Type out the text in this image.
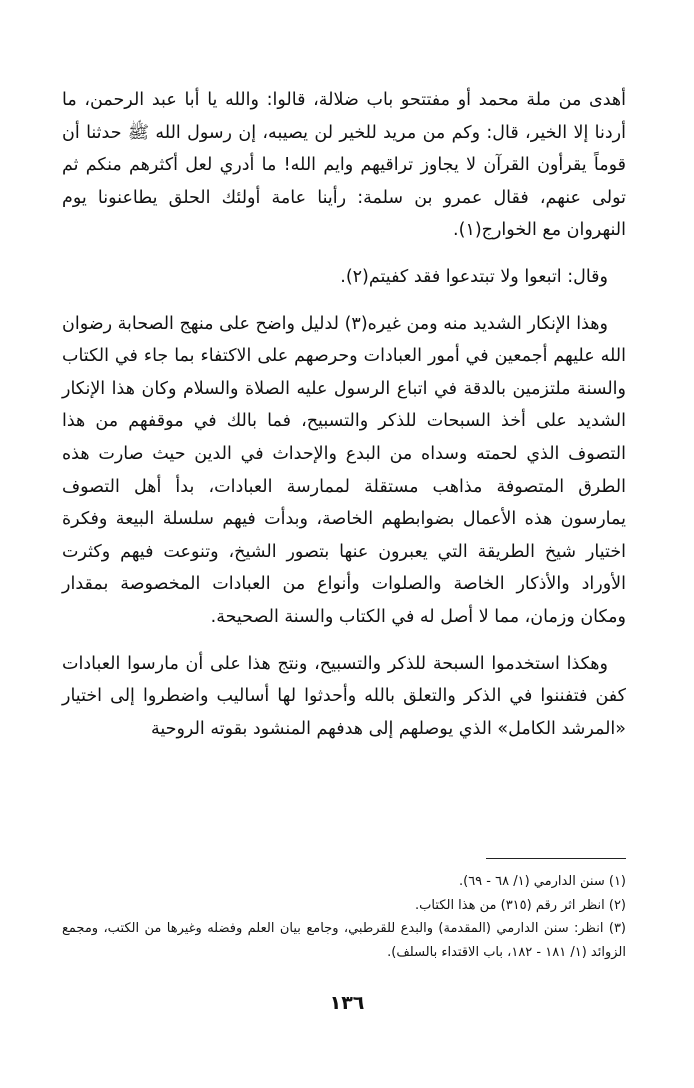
أهدى من ملة محمد أو مفتتحو باب ضلالة، قالوا: والله يا أبا عبد الرحمن، ما أردنا إلا الخير، قال: وكم من مريد للخير لن يصيبه، إن رسول الله ﷺ حدثنا أن قوماً يقرأون القرآن لا يجاوز تراقيهم وايم الله! ما أدري لعل أكثرهم منكم ثم تولى عنهم، فقال عمرو بن سلمة: رأينا عامة أولئك الحلق يطاعنونا يوم النهروان مع الخوارج(١).

وقال: اتبعوا ولا تبتدعوا فقد كفيتم(٢).

وهذا الإنكار الشديد منه ومن غيره(٣) لدليل واضح على منهج الصحابة رضوان الله عليهم أجمعين في أمور العبادات وحرصهم على الاكتفاء بما جاء في الكتاب والسنة ملتزمين بالدقة في اتباع الرسول عليه الصلاة والسلام وكان هذا الإنكار الشديد على أخذ السبحات للذكر والتسبيح، فما بالك في موقفهم من هذا التصوف الذي لحمته وسداه من البدع والإحداث في الدين حيث صارت هذه الطرق المتصوفة مذاهب مستقلة لممارسة العبادات، بدأ أهل التصوف يمارسون هذه الأعمال بضوابطهم الخاصة، وبدأت فيهم سلسلة البيعة وفكرة اختيار شيخ الطريقة التي يعبرون عنها بتصور الشيخ، وتنوعت فيهم وكثرت الأوراد والأذكار الخاصة والصلوات وأنواع من العبادات المخصوصة بمقدار ومكان وزمان، مما لا أصل له في الكتاب والسنة الصحيحة.

وهكذا استخدموا السبحة للذكر والتسبيح، ونتج هذا على أن مارسوا العبادات كفن فتفننوا في الذكر والتعلق بالله وأحدثوا لها أساليب واضطروا إلى اختيار «المرشد الكامل» الذي يوصلهم إلى هدفهم المنشود بقوته الروحية

(١) سنن الدارمي (١/ ٦٨ - ٦٩).
(٢) انظر اثر رقم (٣١٥) من هذا الكتاب.
(٣) انظر: سنن الدارمي (المقدمة) والبدع للقرطبي، وجامع بيان العلم وفضله وغيرها من الكتب، ومجمع الزوائد (١/ ١٨١ - ١٨٢، باب الاقتداء بالسلف).
١٣٦
